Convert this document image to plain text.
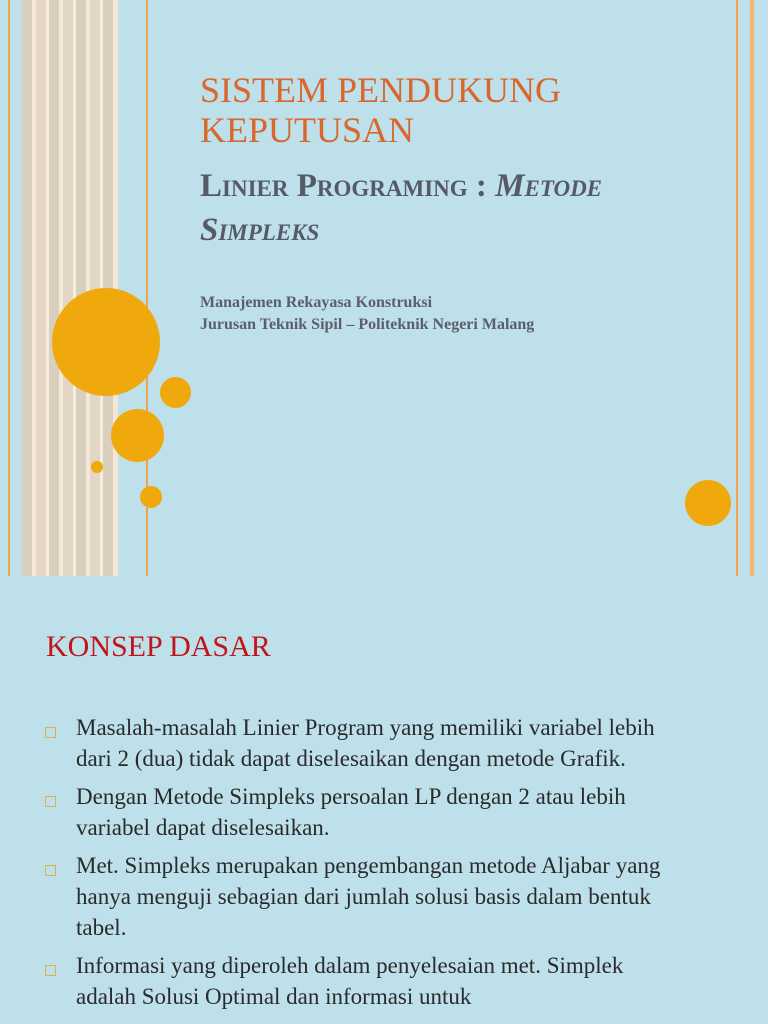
SISTEM PENDUKUNG KEPUTUSAN
Linier Programing : Metode Simpleks
Manajemen Rekayasa Konstruksi
Jurusan Teknik Sipil – Politeknik Negeri Malang
KONSEP DASAR
□ Masalah-masalah Linier Program yang memiliki variabel lebih dari 2 (dua) tidak dapat diselesaikan dengan metode Grafik.
□ Dengan Metode Simpleks persoalan LP dengan 2 atau lebih variabel dapat diselesaikan.
□ Met. Simpleks merupakan pengembangan metode Aljabar yang hanya menguji sebagian dari jumlah solusi basis dalam bentuk tabel.
□ Informasi yang diperoleh dalam penyelesaian met. Simplek adalah Solusi Optimal dan informasi untuk
